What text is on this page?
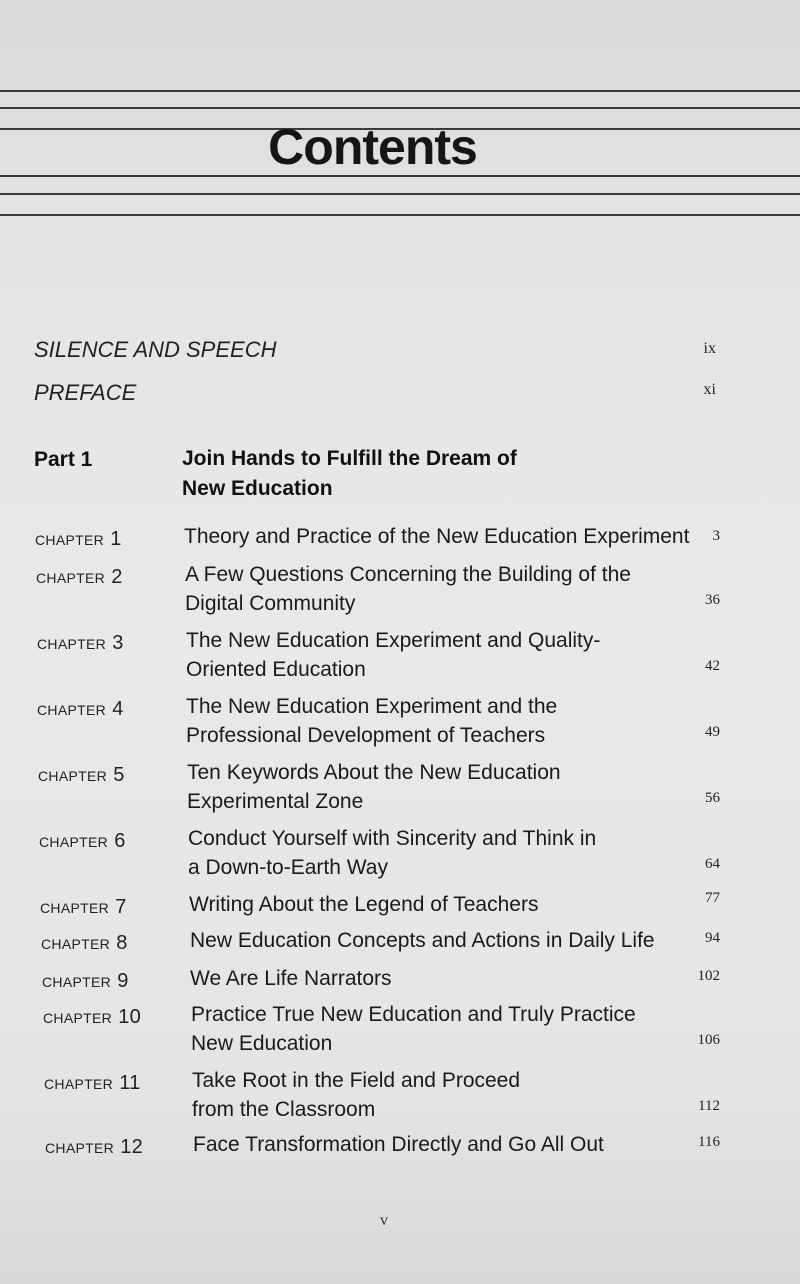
Contents
SILENCE AND SPEECH	ix
PREFACE	xi
Part 1	Join Hands to Fulfill the Dream of New Education
CHAPTER 1	Theory and Practice of the New Education Experiment	3
CHAPTER 2	A Few Questions Concerning the Building of the Digital Community	36
CHAPTER 3	The New Education Experiment and Quality-Oriented Education	42
CHAPTER 4	The New Education Experiment and the Professional Development of Teachers	49
CHAPTER 5	Ten Keywords About the New Education Experimental Zone	56
CHAPTER 6	Conduct Yourself with Sincerity and Think in a Down-to-Earth Way	64
CHAPTER 7	Writing About the Legend of Teachers	77
CHAPTER 8	New Education Concepts and Actions in Daily Life	94
CHAPTER 9	We Are Life Narrators	102
CHAPTER 10 Practice True New Education and Truly Practice New Education	106
CHAPTER 11 Take Root in the Field and Proceed from the Classroom	112
CHAPTER 12 Face Transformation Directly and Go All Out	116
v
